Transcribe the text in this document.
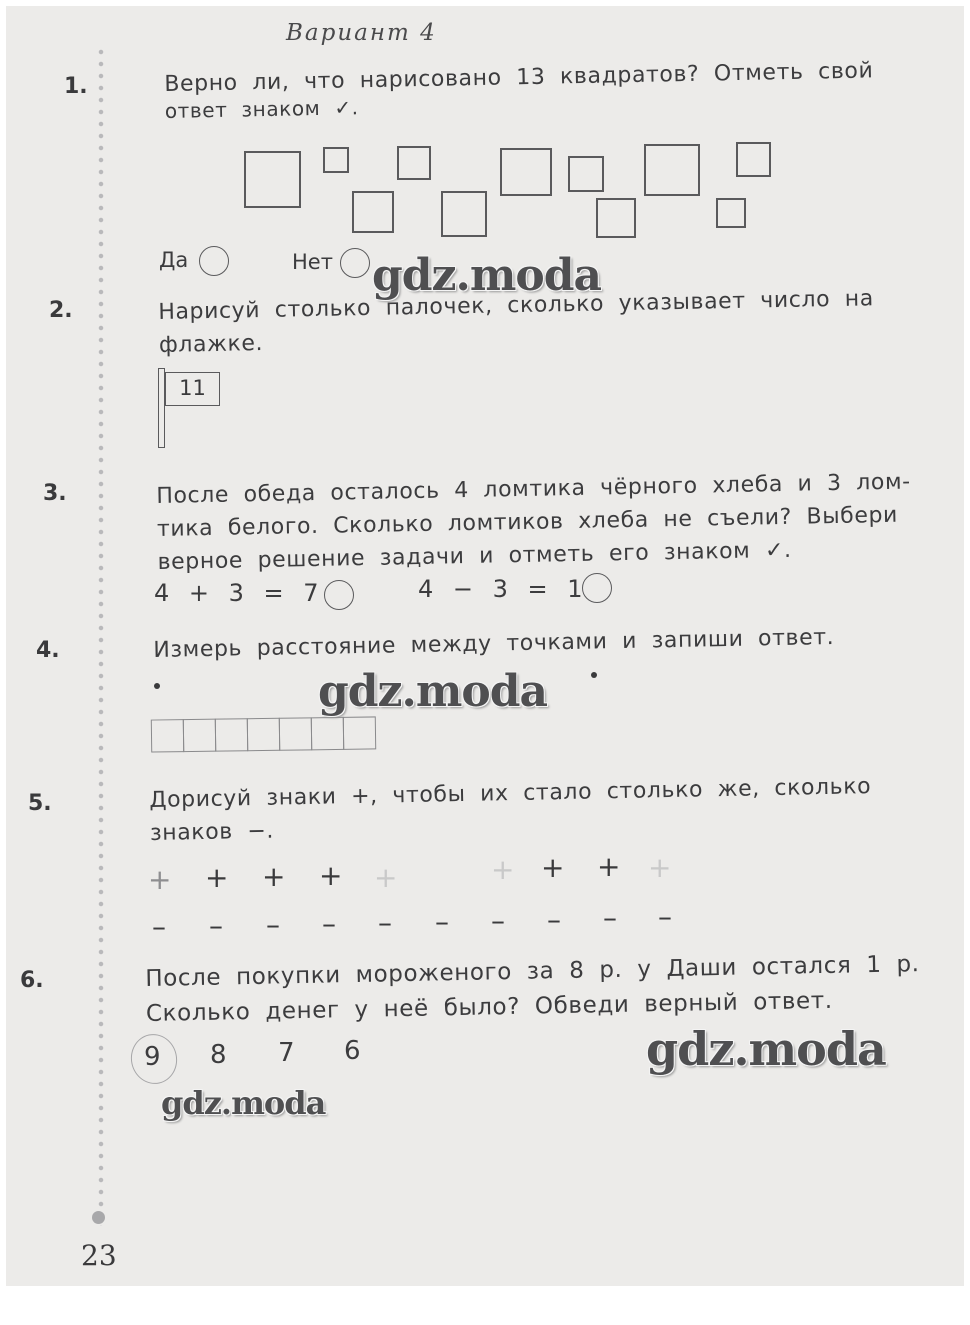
Вариант 4
1.	Верно ли, что нарисовано 13 квадратов? Отметь свой
ответ знаком ✓.
Да	Нет
2.	Нарисуй столько палочек, сколько указывает число на
флажке.
11
3.	После обеда осталось 4 ломтика чёрного хлеба и 3 лом-
тика белого. Сколько ломтиков хлеба не съели? Выбери
верное решение задачи и отметь его знаком ✓.
4 + 3 = 7	4 − 3 = 1
4.	Измерь расстояние между точками и запиши ответ.
5.	Дорисуй знаки +, чтобы их стало столько же, сколько
знаков −.
+ + + + +	+ + + +
– – – – – – – – – –
6.	После покупки мороженого за 8 р. у Даши остался 1 р.
Сколько денег у неё было? Обведи верный ответ.
9 8 7 6
gdz.moda
gdz.moda
gdz.moda
gdz.moda
23
